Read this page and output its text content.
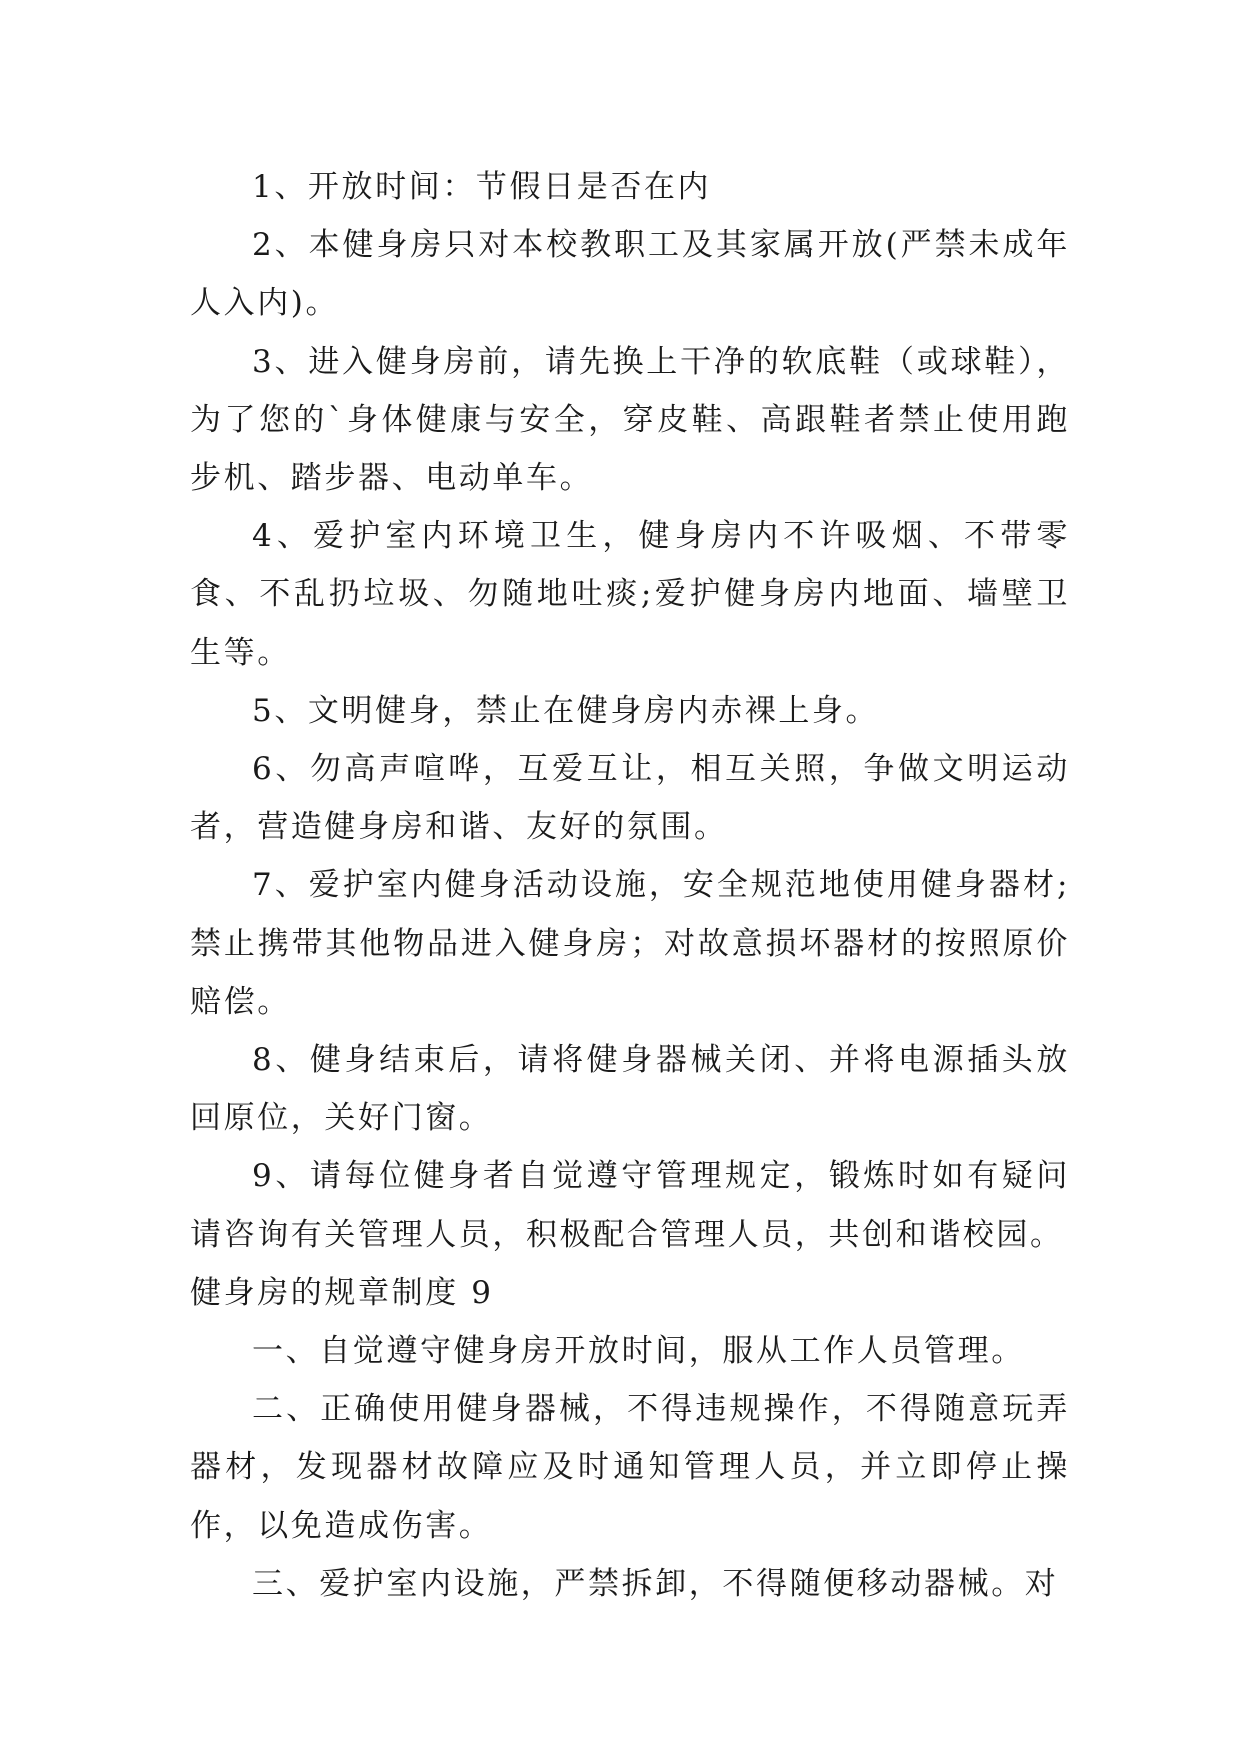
1、开放时间：节假日是否在内

2、本健身房只对本校教职工及其家属开放(严禁未成年人入内)。

3、进入健身房前，请先换上干净的软底鞋（或球鞋），为了您的`身体健康与安全，穿皮鞋、高跟鞋者禁止使用跑步机、踏步器、电动单车。

4、爱护室内环境卫生，健身房内不许吸烟、不带零食、不乱扔垃圾、勿随地吐痰;爱护健身房内地面、墙壁卫生等。

5、文明健身，禁止在健身房内赤裸上身。

6、勿高声喧哗，互爱互让，相互关照，争做文明运动者，营造健身房和谐、友好的氛围。

7、爱护室内健身活动设施，安全规范地使用健身器材;禁止携带其他物品进入健身房；对故意损坏器材的按照原价赔偿。

8、健身结束后，请将健身器械关闭、并将电源插头放回原位，关好门窗。

9、请每位健身者自觉遵守管理规定，锻炼时如有疑问请咨询有关管理人员，积极配合管理人员，共创和谐校园。

健身房的规章制度 9

一、自觉遵守健身房开放时间，服从工作人员管理。

二、正确使用健身器械，不得违规操作，不得随意玩弄器材，发现器材故障应及时通知管理人员，并立即停止操作，以免造成伤害。

三、爱护室内设施，严禁拆卸，不得随便移动器械。对
